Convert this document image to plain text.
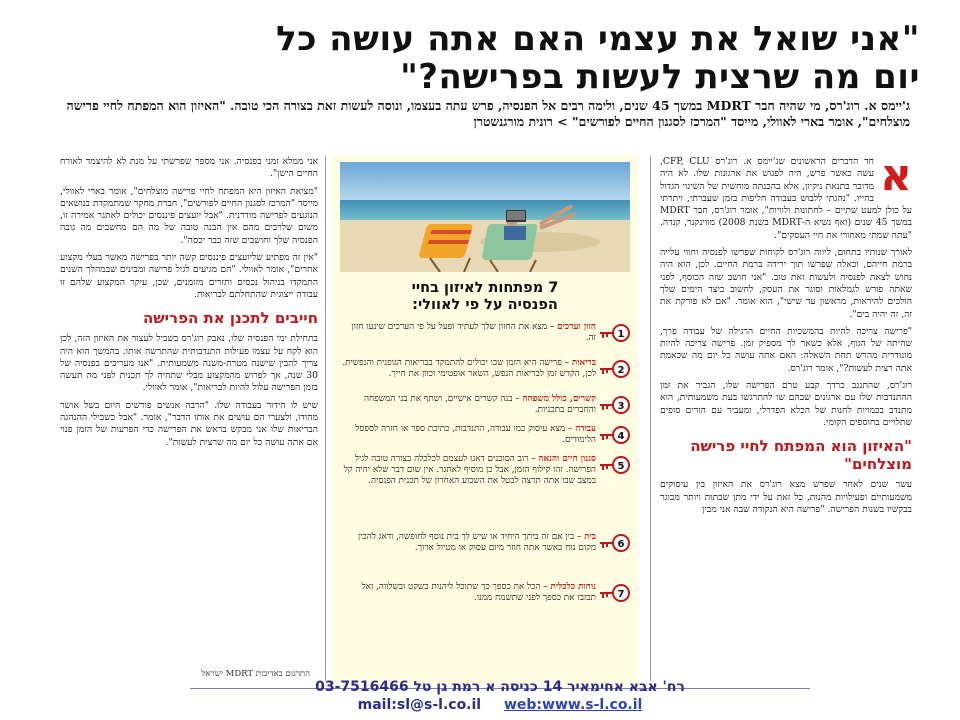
"אני שואל את עצמי האם אתה עושה כל
יום מה שרצית לעשות בפרישה?"
ג'יימס א. רוג'רס, מי שהיה חבר MDRT במשך 45 שנים, ולימה רבים אל הפנסיה, פרש עתה בעצמו, ונוסה לעשות זאת בצורה הכי טובה. "האיזון הוא המפתח לחיי פרישה מוצלחים", אומר בארי לאוולי, מייסד "המרכז לסגנון החיים לפורשים" > רונית מורגנשטרן
א

חד הדברים הראשונים שג'יימס א. רוג'רס CFP, CLU, עשה כאשר פרש, היה לפגוש את ארגונות שלו. לא היה מדובר בתנאת ניקיון, אלא בהכנתה מוחשית של השינוי הגדול בחייו. "נהגתי ללבוש בעבודה חליפות בזמן שעברתי, ויתרתי על כולן למעט שתיים – לחתונות ולוויות", אומר רוג'רס, חבר MDRT במשך 45 שנים (ואף נשיא ה-MDRT בשנת 2008) מווינקנר, קנדה. "עתה שמתי מאחורי את חיי העסקים".

לאורך שנותיו בתחום, ליווה רוג'רס לקוחות שפרשו לפנסיה וחווי עלייה ברמת חייהם, וכאלה שפרשו תוך ירידה ברמת החיים. לכן, הוא היה נחוש לצאת לפנסיה ולעשות זאת טוב. "אני חושב שזה הכוסף, לפני שאתה פורש לגמלאות וסוגר את העסק, לחשוב כיצד הימים שלך הולכים להיראות, מראשון עד שישי", הוא אומר. "אם לא פורקת את זה, זה יהיה בים".

"פרישה צריכה להיות בהמשכיות החיים הרגילה של עבודה פרך, שהיתה של הגוף, אלא כשאר לך מספיק זמן. פרישה צריכה להיות מונודרית מהרש תחת השאלה: האם אתה עושה כל יום מה שכאמת אתה רצית לעשות?", אומר רוג'רס.

רוג'רס, שהתנגב כרדך קבע טרם הפרישה שלו, הגביר את זמן ההתנדבות שלו עם ארגונים שבהם שו להתרגשו בעת משמעותית, הוא מתנדב בכמויות לחנות של הכלא הפדרלי, ומעביר עם הורים סופים שתלויים בחוספים הקומי.

"האיזון הוא המפתח לחיי פרישה מוצלחים"

עשר שנים לאחר שפרש מצא רוג'רס את האיזון בין עיסוקים משמעותיים ופעילויות מהנות, כל זאת על ידי מתן שבתות ויותר מבוגר בבקשיו בשנות הפרישה. "פרישה היא הנקודה שבה אני מבין

7 מפתחות לאיזון בחיי
הפנסיה על פי לאוולי:
1
חזון וערכים – מצא את החזון שלך לעתיד ופעל על פי הערכים שינעו חזון זה.
2
בריאות – פרישה היא הזמן שבו יכולים להתמקד בבריאות הגופנית והנפשית. לכן, הקדש זמן לבריאות הנפש, השאר אופטימי וכוון את חייך.
3
קשרים, כולל משפחה – בנה קשרים אישיים, ושתף את בני המשפחה והחברים בתכניות.
4
עבודה – מצא עיסוק כמו עבודה, התנדבות, כתיבת ספר או חזרה לספסל הלימודים.
5
סגנון חיים והנאה – רוב הסוכנים דאגו לעצמם לכלכלה בצורה טובה לגיל הפרישה. זהו קילוף הזמן, אבל כן מוסיף לאתגר. אין שום דבר שלא יהיה קל במצב שבו אתה תרצה לבטל את השבוע האחרון של תכנית הפנסיה.
6
בית – בין אם זה ביתך היחיד או שיש לך בית נוסף לחופשה, ודאג להכין מקום נוח כאשר אתה חוזר מיום עסוק או מטיול ארוך.
7
נוחות כלכלית – הכל את כספך כך שתוכל ליהנות בשקט ובשלווה, ואל תבזבז את כספך לפני שתשמח ממנו.

אני ממלא זמני בפנסיה. אני מספר שפרשתי על מנת לא להיצמד לאורח החיים הישן".

"מציאת האיזון היא המפתח לחיי פרישה מוצלחים", אומר בארי לאוולי, מייסד "המרכז לסגנון החיים לפורשים", חברת מחקר שמתמקדת בנושאים הנוגעים לפרישה מודרנית. "אבל יועצים פיננסים יכולים לאתגר אמירה זו, משום שלרבים מהם אין הבנה טובה של מה הם מחשבים מה גובה הפנסיה שלך וחושבים שזה כבר יכסה".

"אין זה מפתיע שליועצים פיננסים קשה יותר בפרישה מאשר בעלי מקצוע אחרים", אומר לאוולי. "הם מגיעים לגיל פרישה ומבינים שבמהלך השנים התמקדו בניהול נכסים ותזרים מזומנים, שכן, עיקר המקצוע שלהם זו עבודה ייצוגית שהתחלתם לבריאות.

חייבים לתכנן את הפרישה

בתחילת ימי הפנסיה שלו, נאבק רוג'רס בשביל לעצור את האיזון הזה, לכן הוא לקח על עצמו פעילות התנדבותית שהתרשה אותו. בהמשך הוא היה צריך להבין שישנה מטרת-משנה משמעותית. "אנו מעריכים בפנסיה של 30 שנה, אך לפרוש מהמקצוע מבלי שתהיה לך תכנית לפני מה תעשה בזמן הפרישה עלול להיות לבריאות", אומר לאוולי.

שיש לו הידור בעבודה שלו. "הרבה אנשים פורשים היום בשל אושר מהודו, ולצערי הם עושים את אותו הדבר", אומר. "אבל כשבילי ההנהגה הבריאות שלו אני מבקש בראש את הפרישה כדי הפרעות של הזמן פנוי אם אתה עושה כל יום מה שרצית לעשות".

התרגום באדיבות MDRT ישראל
רח' אבא אחימאיר 14 כניסה א רמת גן טל 03-7516466
mail:sl@s-l.co.il web:www.s-l.co.il
